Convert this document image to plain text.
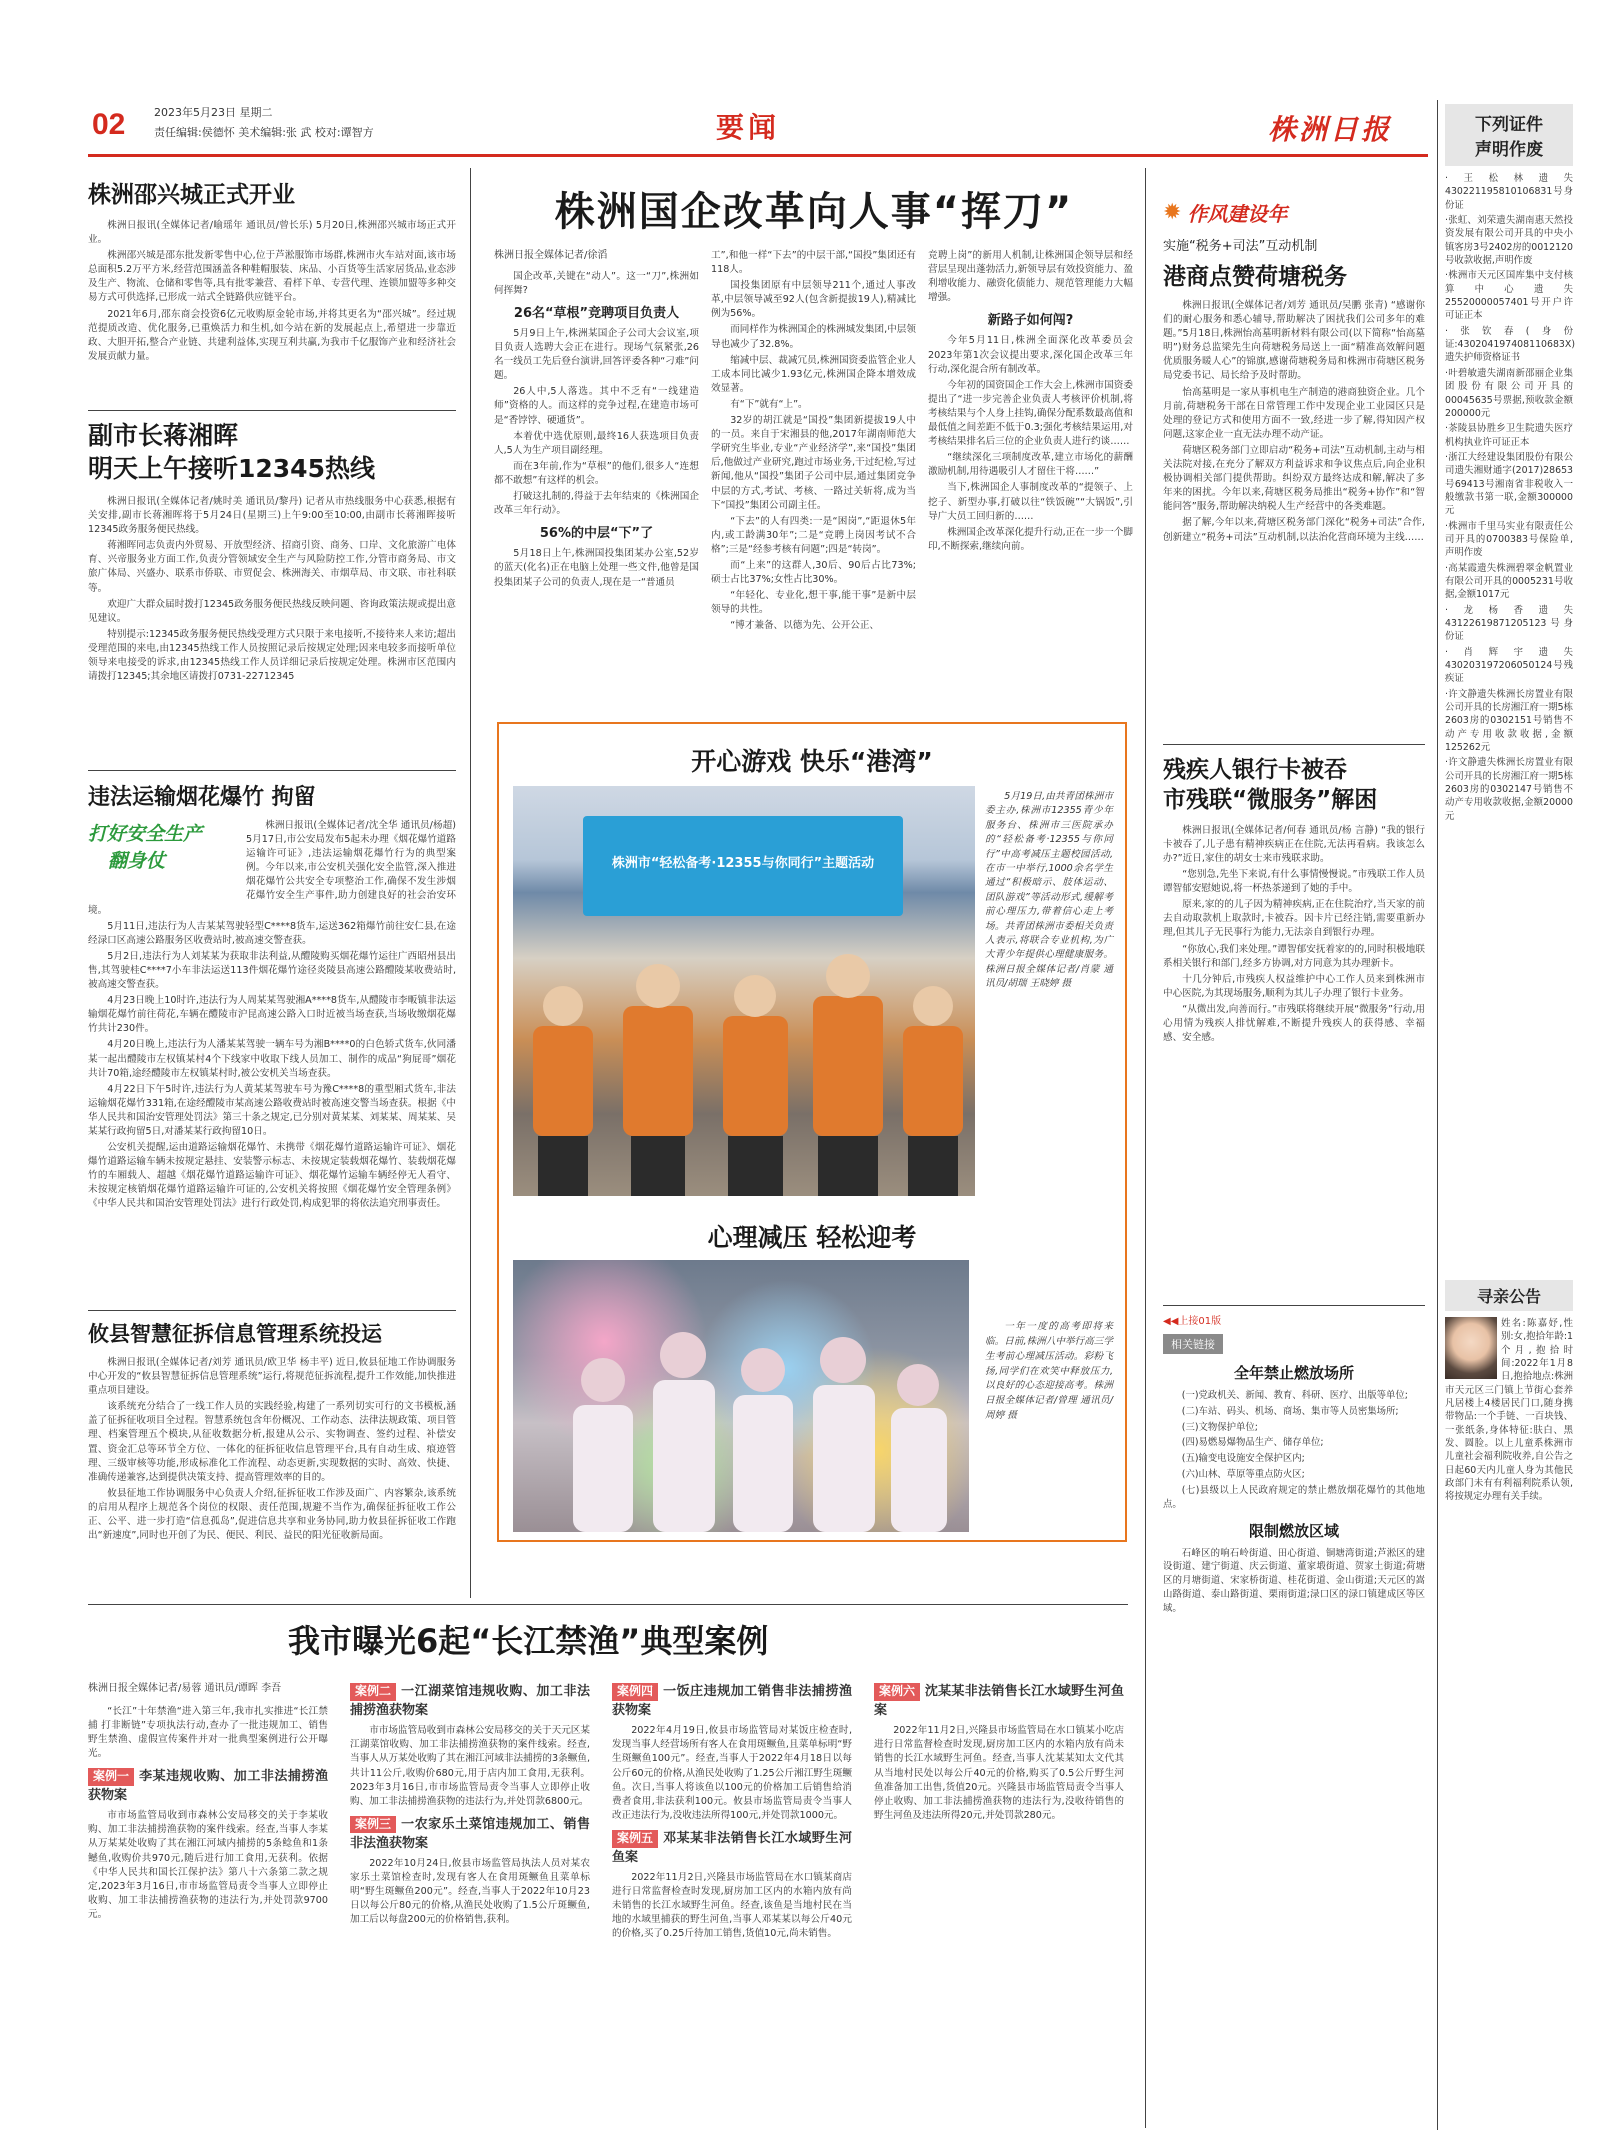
02	2023年5月23日 星期二
责任编辑:侯德怀 美术编辑:张 武 校对:谭智方	要闻	株洲日报
株洲邵兴城正式开业

株洲日报讯(全媒体记者/喻瑶年 通讯员/曾长乐) 5月20日,株洲邵兴城市场正式开业。

株洲邵兴城是邵东批发新零售中心,位于芦淞服饰市场群,株洲市火车站对面,该市场总面积5.2万平方米,经营范围涵盖各种鞋帽服装、床品、小百货等生活家居货品,业态涉及生产、物流、仓储和零售等,具有批零兼营、看样下单、专营代理、连锁加盟等多种交易方式可供选择,已形成一站式全链路供应链平台。

2021年6月,邵东商会投资6亿元收购原金轮市场,并将其更名为“邵兴城”。经过规范提质改造、优化服务,已重焕活力和生机,如今站在新的发展起点上,希望进一步靠近政、大胆开拓,整合产业链、共建利益体,实现互利共赢,为我市千亿服饰产业和经济社会发展贡献力量。

副市长蒋湘晖
明天上午接听12345热线

株洲日报讯(全媒体记者/姚时美 通讯员/黎丹) 记者从市热线服务中心获悉,根据有关安排,副市长蒋湘晖将于5月24日(星期三)上午9:00至10:00,由副市长蒋湘晖接听12345政务服务便民热线。

蒋湘晖同志负责内外贸易、开放型经济、招商引资、商务、口岸、文化旅游广电体育、兴帝服务业方面工作,负责分管领域安全生产与风险防控工作,分管市商务局、市文旅广体局、兴盛办、联系市侨联、市贸促会、株洲海关、市烟草局、市文联、市社科联等。

欢迎广大群众届时拨打12345政务服务便民热线反映问题、咨询政策法规或提出意见建议。

特别提示:12345政务服务便民热线受理方式只限于来电接听,不接待来人来访;超出受理范围的来电,由12345热线工作人员按照记录后按规定处理;因来电较多而接听单位领导来电接受的诉求,由12345热线工作人员详细记录后按规定处理。株洲市区范围内请拨打12345;其余地区请拨打0731-22712345

违法运输烟花爆竹 拘留
打好安全生产
翻身仗

株洲日报讯(全媒体记者/沈全华 通讯员/杨超) 5月17日,市公安局发布5起未办理《烟花爆竹道路运输许可证》,违法运输烟花爆竹行为的典型案例。今年以来,市公安机关强化安全监管,深入推进烟花爆竹公共安全专项整治工作,确保不发生涉烟花爆竹安全生产事件,助力创建良好的社会治安环境。

5月11日,违法行为人吉某某驾驶轻型C****8货车,运送362箱爆竹前往安仁县,在途经渌口区高速公路服务区收费站时,被高速交警查获。

5月2日,违法行为人刘某某为获取非法利益,从醴陵购买烟花爆竹运往广西昭州县出售,其驾驶桂C****7小车非法运送113件烟花爆竹途径炎陵县高速公路醴陵某收费站时,被高速交警查获。

4月23日晚上10时许,违法行为人周某某驾驶湘A****8货车,从醴陵市李畈镇非法运输烟花爆竹前往荷花,车辆在醴陵市沪昆高速公路入口时近被当场查获,当场收缴烟花爆竹共计230件。

4月20日晚上,违法行为人潘某某驾驶一辆车号为湘B****0的白色轿式货车,伙同潘某一起出醴陵市左权镇某村4个下线家中收取下线人员加工、制作的成品“狗屁哥”烟花共计70箱,途经醴陵市左权镇某村时,被公安机关当场查获。

4月22日下午5时许,违法行为人黄某某驾驶车号为豫C****8的重型厢式货车,非法运输烟花爆竹331箱,在途经醴陵市某高速公路收费站时被高速交警当场查获。根据《中华人民共和国治安管理处罚法》第三十条之规定,已分别对黄某某、刘某某、周某某、吴某某行政拘留5日,对潘某某行政拘留10日。

公安机关提醒,运由道路运输烟花爆竹、未携带《烟花爆竹道路运输许可证》、烟花爆竹道路运输车辆未按规定悬挂、安装警示标志、未按规定装载烟花爆竹、装载烟花爆竹的车厢载人、超越《烟花爆竹道路运输许可证》、烟花爆竹运输车辆经停无人看守、未按规定核销烟花爆竹道路运输许可证的,公安机关将按照《烟花爆竹安全管理条例》《中华人民共和国治安管理处罚法》进行行政处罚,构成犯罪的将依法追究刑事责任。

攸县智慧征拆信息管理系统投运

株洲日报讯(全媒体记者/刘芳 通讯员/欧卫华 杨丰平) 近日,攸县征地工作协调服务中心开发的“攸县智慧征拆信息管理系统”运行,将规范征拆流程,提升工作效能,加快推进重点项目建设。

该系统充分结合了一线工作人员的实践经验,构建了一系列切实可行的文书模板,涵盖了征拆征收项目全过程。智慧系统包含年份概况、工作动态、法律法规政策、项目管理、档案管理五个模块,从征收数据分析,报建从公示、实物调查、签约过程、补偿安置、资金汇总等环节全方位、一体化的征拆征收信息管理平台,具有自动生成、痕迹管理、三级审核等功能,形成标准化工作流程、动态更新,实现数据的实时、高效、快捷、准确传递兼容,达到提供决策支持、提高管理效率的目的。

攸县征地工作协调服务中心负责人介绍,征拆征收工作涉及面广、内容繁杂,该系统的启用从程序上规范各个岗位的权限、责任范围,规避不当作为,确保征拆征收工作公正、公平、进一步打造“信息孤岛”,促进信息共享和业务协同,助力攸县征拆征收工作跑出“新速度”,同时也开创了为民、便民、利民、益民的阳光征收新局面。

株洲国企改革向人事“挥刀”
株洲日报全媒体记者/徐滔

国企改革,关键在“动人”。这一“刀”,株洲如何挥舞?

26名“草根”竞聘项目负责人

5月9日上午,株洲某国企子公司大会议室,项目负责人选聘大会正在进行。现场气氛紧张,26名一线员工先后登台演讲,回答评委各种“刁难”问题。

26人中,5人落选。其中不乏有“一线建造师”资格的人。而这样的竞争过程,在建造市场可是“香饽饽、硬通货”。

本着优中选优原则,最终16人获选项目负责人,5人为生产项目副经理。

而在3年前,作为“草根”的他们,很多人“连想都不敢想”有这样的机会。

打破这扎制的,得益于去年结束的《株洲国企改革三年行动》。

56%的中层“下”了

5月18日上午,株洲国投集团某办公室,52岁的蓝天(化名)正在电脑上处理一些文件,他曾是国投集团某子公司的负责人,现在是一“普通员

工”,和他一样“下去”的中层干部,“国投”集团还有118人。

国投集团原有中层领导211个,通过人事改革,中层领导减至92人(包含新提拔19人),精减比例为56%。

而同样作为株洲国企的株洲城发集团,中层领导也减少了32.8%。

缩减中层、裁减冗员,株洲国资委监管企业人工成本同比减少1.93亿元,株洲国企降本增效成效显著。

有“下”就有“上”。

32岁的胡江就是“国投”集团新提拔19人中的一员。来自于宋湘县的他,2017年湖南师范大学研究生毕业,专业“产业经济学”,来“国投”集团后,他做过产业研究,跑过市场业务,干过纪检,写过新闻,他从“国投”集团子公司中层,通过集团竞争中层的方式,考试、考核、一路过关斩将,成为当下“国投”集团公司副主任。

“下去”的人有四类:一是“困岗”,“距退休5年内,或工龄满30年”;二是“竞聘上岗因考试不合格”;三是“经参考核有问题”;四是“转岗”。

而“上来”的这群人,30后、90后占比73%;硕士占比37%;女性占比30%。

“年轻化、专业化,想干事,能干事”是新中层领导的共性。

“博才兼备、以德为先、公开公正、

竞聘上岗”的新用人机制,让株洲国企领导层和经营层呈现出蓬勃活力,新领导层有效投资能力、盈利增收能力、融资化债能力、规范管理能力大幅增强。

新路子如何闯?

今年5月11日,株洲全面深化改革委员会2023年第1次会议提出要求,深化国企改革三年行动,深化混合所有制改革。

今年初的国资国企工作大会上,株洲市国资委提出了“进一步完善企业负责人考核评价机制,将考核结果与个人身上挂钩,确保分配系数最高值和最低值之间差距不低于0.3;强化考核结果运用,对考核结果排名后三位的企业负责人进行约谈……

“继续深化三项制度改革,建立市场化的薪酬激励机制,用待遇吸引人才留住干将……”

当下,株洲国企人事制度改革的“提领子、上挖子、新型办事,打破以往“铁饭碗”“大锅饭”,引导广大员工回归新的……

株洲国企改革深化提升行动,正在一步一个脚印,不断探索,继续向前。

开心游戏 快乐“港湾”
株洲市“轻松备考·12355与你同行”主题活动
5月19日,由共青团株洲市委主办,株洲市12355青少年服务台、株洲市三医院承办的“轻松备考·12355与你同行”中高考减压主题校园活动,在市一中举行,1000余名学生通过“积极暗示、肢体运动、团队游戏”等活动形式,缓解考前心理压力,带着信心走上考场。共青团株洲市委相关负责人表示,将联合专业机构,为广大青少年提供心理健康服务。株洲日报全媒体记者/肖蒙 通讯员/胡瑞 王晓婷 摄
心理减压 轻松迎考
一年一度的高考即将来临。日前,株洲八中举行高三学生考前心理减压活动。彩粉飞扬,同学们在欢笑中释放压力,以良好的心态迎接高考。株洲日报全媒体记者/曾理 通讯员/周婷 摄
✹ 作风建设年
实施“税务+司法”互动机制
港商点赞荷塘税务

株洲日报讯(全媒体记者/刘芳 通讯员/吴鹏 张青) “感谢你们的耐心服务和悉心辅导,帮助解决了困扰我们公司多年的难题。”5月18日,株洲怡高墓明新材料有限公司(以下简称“怡高墓明”)财务总监梁先生向荷塘税务局送上一面“精准高效解问题 优质服务暖人心”的锦旗,感谢荷塘税务局和株洲市荷塘区税务局党委书记、局长给予及时帮助。

怡高墓明是一家从事机电生产制造的港商独资企业。几个月前,荷塘税务干部在日常管理工作中发现企业工业园区只是处理的登记方式和使用方面不一致,经进一步了解,得知因产权问题,这家企业一直无法办理不动产证。

荷塘区税务部门立即启动“税务+司法”互动机制,主动与相关法院对接,在充分了解双方利益诉求和争议焦点后,向企业积极协调相关部门提供帮助。纠纷双方最终达成和解,解决了多年来的困扰。今年以来,荷塘区税务局推出“税务+协作”和“智能问答”服务,帮助解决纳税人生产经营中的各类难题。

据了解,今年以来,荷塘区税务部门深化“税务+司法”合作,创新建立“税务+司法”互动机制,以法治化营商环境为主线……

残疾人银行卡被吞
市残联“微服务”解困

株洲日报讯(全媒体记者/何春 通讯员/杨 言静) “我的银行卡被吞了,儿子患有精神疾病正在住院,无法再看病。我该怎么办?”近日,家住的胡女士来市残联求助。

“您别急,先坐下来说,有什么事情慢慢说。”市残联工作人员谭智郁安慰她说,将一杯热茶递到了她的手中。

原来,家的的儿子因为精神疾病,正在住院治疗,当天家的前去自动取款机上取款时,卡被吞。因卡片已经注销,需要重新办理,但其儿子无民事行为能力,无法亲自到银行办理。

“你放心,我们来处理。”谭智郁安抚着家的的,同时积极地联系相关银行和部门,经多方协调,对方同意为其办理新卡。

十几分钟后,市残疾人权益维护中心工作人员来到株洲市中心医院,为其现场服务,顺利为其儿子办理了银行卡业务。

“从微出发,向善而行。”市残联将继续开展“微服务”行动,用心用情为残疾人排忧解难,不断提升残疾人的获得感、幸福感、安全感。

◀◀上接01版
相关链接
全年禁止燃放场所

(一)党政机关、新闻、教育、科研、医疗、出版等单位;

(二)车站、码头、机场、商场、集市等人员密集场所;

(三)文物保护单位;

(四)易燃易爆物品生产、储存单位;

(五)输变电设施安全保护区内;

(六)山林、草原等重点防火区;

(七)县级以上人民政府规定的禁止燃放烟花爆竹的其他地点。

限制燃放区域

石峰区的响石岭街道、田心街道、铜塘湾街道;芦淞区的建设街道、建宁街道、庆云街道、董家塅街道、贺家土街道;荷塘区的月塘街道、宋家桥街道、桂花街道、金山街道;天元区的嵩山路街道、泰山路街道、栗雨街道;渌口区的渌口镇建成区等区域。

下列证件
声明作废

·王松林遗失430221195810106831号身份证

·张虹、刘荣遗失湖南惠天然投资发展有限公司开具的中央小镇客房3号2402房的0012120号收款收据,声明作废

·株洲市天元区国库集中支付核算中心遗失25520000057401号开户许可证正本

·张钦春(身份证:430204197408110683X)遗失护师资格证书

·叶碧敏遗失湖南新邵丽企业集团股份有限公司开具的00045635号票据,预收款金额200000元

·茶陵县协胜乡卫生院遗失医疗机构执业许可证正本

·浙江大经建设集团股份有限公司遗失湘财通字(2017)28653号69413号湘南省非税收入一般缴款书第一联,金额300000元

·株洲市千里马实业有限责任公司开具的0700383号保险单,声明作废

·高某霞遗失株洲碧翠金帆置业有限公司开具的0005231号收据,金额1017元

·龙杨香遗失43122619871205123号身份证

·肖辉宇遗失430203197206050124号残疾证

·许文静遗失株洲长房置业有限公司开具的长房湘江府一期5栋2603房的0302151号销售不动产专用收款收据,金额125262元

·许文静遗失株洲长房置业有限公司开具的长房湘江府一期5栋2603房的0302147号销售不动产专用收款收据,金额20000元

寻亲公告
姓名:陈嘉妤,性别:女,抱拾年龄:1个月,抱拾时间:2022年1月8日,抱拾地点:株洲市天元区三门镇上节街心套养凡居楼上4楼居民门口,随身携带物品:一个手链、一百块钱、一张纸条,身体特征:肤白、黑发、圆脸。以上儿童系株洲市儿童社会福利院收养,自公告之日起60天内儿童人身为其他民政部门未有有利福利院系认领,将按规定办理有关手续。
我市曝光6起“长江禁渔”典型案例
株洲日报全媒体记者/易蓉 通讯员/谭晖 李吾

“长江”十年禁渔“进入第三年,我市扎实推进“长江禁捕 打非断链”专项执法行动,查办了一批违规加工、销售野生禁渔、虚假宣传案件并对一批典型案例进行公开曝光。

案例一 李某违规收购、加工非法捕捞渔获物案

市市场监管局收到市森林公安局移交的关于李某收购、加工非法捕捞渔获物的案件线索。经查,当事人李某从万某某处收购了其在湘江河域内捕捞的5条鲶鱼和1条鳡鱼,收购价共970元,随后进行加工食用,无获利。依据《中华人民共和国长江保护法》第八十六条第二款之规定,2023年3月16日,市市场监管局责令当事人立即停止收购、加工非法捕捞渔获物的违法行为,并处罚款9700元。

案例二 一江湖菜馆违规收购、加工非法捕捞渔获物案

市市场监管局收到市森林公安局移交的关于天元区某江湖菜馆收购、加工非法捕捞渔获物的案件线索。经查,当事人从万某处收购了其在湘江河域非法捕捞的3条鳜鱼,共计11公斤,收购价680元,用于店内加工食用,无获利。2023年3月16日,市市场监管局责令当事人立即停止收购、加工非法捕捞渔获物的违法行为,并处罚款6800元。

案例三 一农家乐土菜馆违规加工、销售非法渔获物案

2022年10月24日,攸县市场监管局执法人员对某农家乐土菜馆检查时,发现有客人在食用斑鳜鱼且菜单标明“野生斑鳜鱼200元”。经查,当事人于2022年10月23日以每公斤80元的价格,从渔民处收购了1.5公斤斑鳜鱼,加工后以每盘200元的价格销售,获利。

案例四 一饭庄违规加工销售非法捕捞渔获物案

2022年4月19日,攸县市场监管局对某饭庄检查时,发现当事人经营场所有客人在食用斑鳜鱼,且菜单标明“野生斑鳜鱼100元”。经查,当事人于2022年4月18日以每公斤60元的价格,从渔民处收购了1.25公斤湘江野生斑鳜鱼。次日,当事人将该鱼以100元的价格加工后销售给消费者食用,非法获利100元。攸县市场监管局责令当事人改正违法行为,没收违法所得100元,并处罚款1000元。

案例五 邓某某非法销售长江水域野生河鱼案

2022年11月2日,兴隆县市场监管局在水口镇某商店进行日常监督检查时发现,厨房加工区内的水箱内放有尚未销售的长江水域野生河鱼。经查,该鱼是当地村民在当地的水域里捕获的野生河鱼,当事人邓某某以每公斤40元的价格,买了0.25斤待加工销售,货值10元,尚未销售。

案例六 沈某某非法销售长江水域野生河鱼案

2022年11月2日,兴隆县市场监管局在水口镇某小吃店进行日常监督检查时发现,厨房加工区内的水箱内放有尚未销售的长江水域野生河鱼。经查,当事人沈某某知太文代其从当地村民处以每公斤40元的价格,购买了0.5公斤野生河鱼准备加工出售,货值20元。兴隆县市场监管局责令当事人停止收购、加工非法捕捞渔获物的违法行为,没收待销售的野生河鱼及违法所得20元,并处罚款280元。
